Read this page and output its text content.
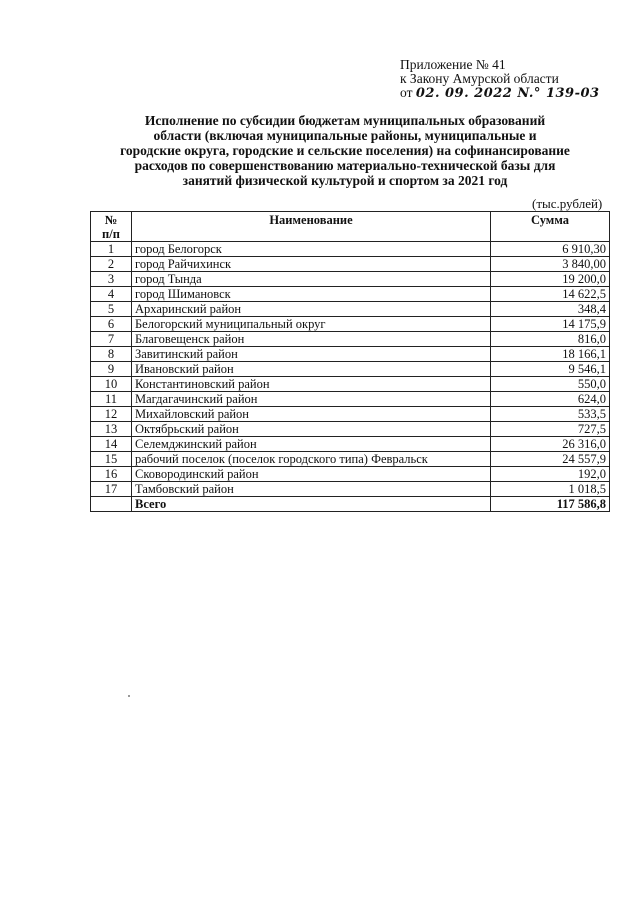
Приложение № 41
к Закону Амурской области
от 02. 09. 2022 N.° 139-03
Исполнение по субсидии бюджетам муниципальных образований
области (включая муниципальные районы, муниципальные и
городские округа, городские и сельские поселения) на софинансирование
расходов по совершенствованию материально-технической базы для
занятий физической культурой и спортом за 2021 год
(тыс.рублей)
№
п/п	Наименование	Сумма
1	город Белогорск	6 910,30
2	город Райчихинск	3 840,00
3	город Тында	19 200,0
4	город Шимановск	14 622,5
5	Архаринский район	348,4
6	Белогорский муниципальный округ	14 175,9
7	Благовещенск район	816,0
8	Завитинский район	18 166,1
9	Ивановский район	9 546,1
10	Константиновский район	550,0
11	Магдагачинский район	624,0
12	Михайловский район	533,5
13	Октябрьский район	727,5
14	Селемджинский район	26 316,0
15	рабочий поселок (поселок городского типа) Февральск	24 557,9
16	Сковородинский район	192,0
17	Тамбовский район	1 018,5
	Всего	117 586,8
